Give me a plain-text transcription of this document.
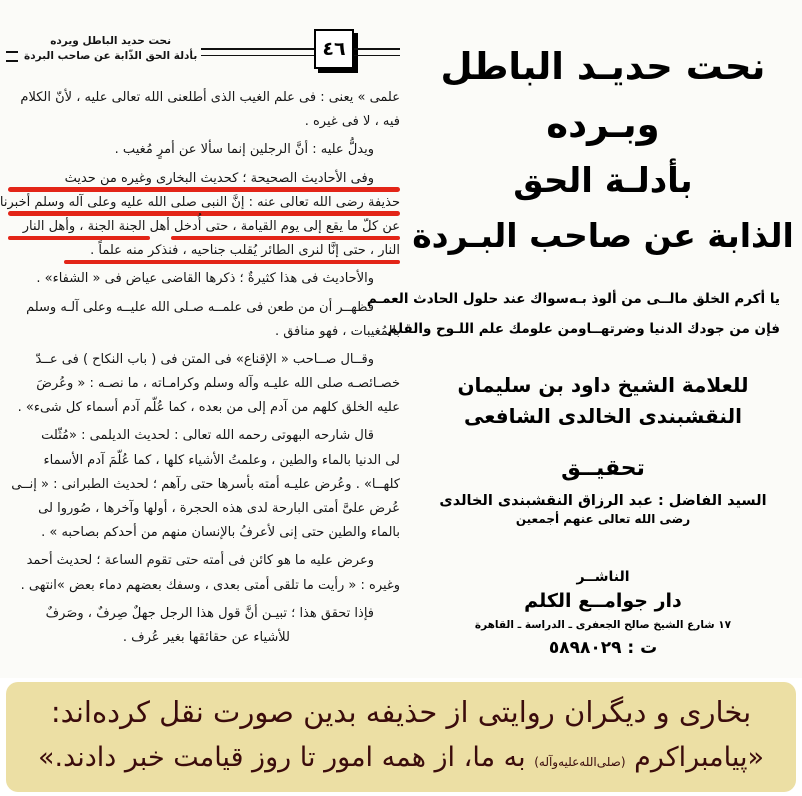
نحت حديد الباطل ويرده
بأدلة الحق الذّابة عن صاحب البردة	٤٦
علمى » يعنى : فى علم الغيب الذى أطلعنى الله تعالى عليه ، لأنّ الكلام
فيه ، لا فى غيره .
ويدلُّ عليه : أنَّ الرجلين إنما سألا عن أمرٍ مُغيب .
وفى الأحاديث الصحيحة ؛ كحديث البخارى وغيره من حديث
حذيفة رضى الله تعالى عنه : إنَّ النبى صلى الله عليه وعلى آله وسلم أخبرنا
عن كلّ ما يقع إلى يوم القيامة ، حتى أُدخل أهل الجنة الجنة ، وأهل النار
النار ، حتى إنَّا لنرى الطائر يُقلب جناحيه ، فنذكر منه علماً .
والأحاديث فى هذا كثيرةٌ ؛ ذكرها القاضى عياض فى « الشفاء» .
فظهــر أن من طعن فى علمــه صـلى الله عليــه وعلى آلـه وسلم
بالمُغيبات ، فهو منافق .
وقــال صــاحب « الإقناع» فى المتن فى ( باب النكاح ) فى عــدّ
خصـائصـه صلى الله عليـه وآله وسلم وكرامـاته ، ما نصـه : « وعُرضَ
عليه الخلق كلهم من آدم إلى من بعده ، كما عُلّم آدم أسماء كل شىء» .
قال شارحه البهوتى رحمه الله تعالى : لحديث الديلمى : «مُثّلت
لى الدنيا بالماء والطين ، وعلمتُ الأشياء كلها ، كما عُلّمَ آدم الأسماء
كلهــا» . وعُرض عليـه أمته بأسرها حتى رآهم ؛ لحديث الطبرانى : « إنــى
عُرض علىَّ أمتى البارحة لدى هذه الحجرة ، أولها وآخرها ، صُوروا لى
بالماء والطين حتى إنى لأعرفُ بالإنسان منهم من أحدكم بصاحبه » .
وعرض عليه ما هو كائن فى أمته حتى تقوم الساعة ؛ لحديث أحمد
وغيره : « رأيت ما تلقى أمتى بعدى ، وسفك بعضهم دماء بعض »انتهى .
فإذا تحقق هذا ؛ تبيـن أنَّ قول هذا الرجل جهلٌ صِرفٌ ، وصَرفٌ
للأشياء عن حقائقها بغير عُرف .
نحت حديـد الباطل وبـرده
بأدلـة الحق
الذابة عن صاحب البـردة
يا أكرم الخلق مالــى من ألوذ بـه
سواك عند حلول الحادث العمـم
فإن من جودك الدنيا وضرتهــا
ومن علومك علم اللـوح والقلم
للعلامة الشيخ داود بن سليمان
النقشبندى الخالدى الشافعى
تحقيــق
السيد الفاضل : عبد الرزاق النقشبندى الخالدى
رضى الله تعالى عنهم أجمعين
الناشــر
دار جوامــع الكلم
١٧ شارع الشيخ صالح الجعفرى ـ الدراسة ـ القاهرة
ت : ٥٨٩٨٠٢٩
بخارى و ديگران روايتى از حذيفه بدين صورت نقل كرده‌اند:
«پيامبراكرم (صلى‌الله‌عليه‌وآله) به ما، از همه امور تا روز قيامت خبر دادند.»
